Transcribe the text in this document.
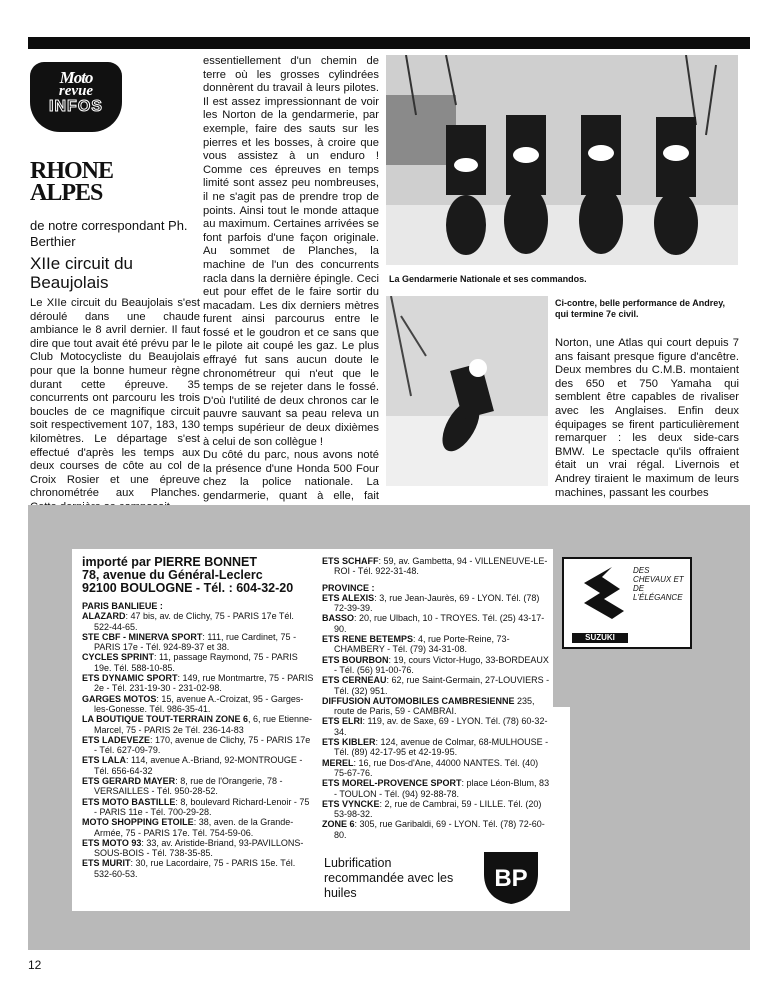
Moto
revue
INFOS
RHONE
ALPES
de notre correspondant Ph. Berthier
XIIe circuit du Beaujolais

Le XIIe circuit du Beaujolais s'est déroulé dans une chaude ambiance le 8 avril dernier. Il faut dire que tout avait été prévu par le Club Motocycliste du Beaujolais pour que la bonne humeur règne durant cette épreuve. 35 concurrents ont parcouru les trois boucles de ce magnifique circuit soit respectivement 107, 183, 130 kilomètres. Le départage s'est effectué d'après les temps aux deux courses de côte au col de Croix Rosier et une épreuve chronométrée aux Planches.

essentiellement d'un chemin de terre où les grosses cylindrées donnèrent du travail à leurs pilotes. Il est assez impressionnant de voir les Norton de la gendarmerie, par exemple, faire des sauts sur les pierres et les bosses, à croire que vous assistez à un enduro ! Comme ces épreuves en temps limité sont assez peu nombreuses, il ne s'agit pas de prendre trop de points. Ainsi tout le monde attaque au maximum. Certaines arrivées se font parfois d'une façon originale. Au sommet de Planches, la machine de l'un des concurrents racla dans la dernière épingle. Ceci eut pour effet de le faire sortir du macadam. Les dix derniers mètres furent ainsi parcourus entre le fossé et le goudron et ce sans que le pilote ait coupé les gaz. Le plus effrayé fut sans aucun doute le chronométreur qui n'eut que le temps de se rejeter dans le fossé. D'où l'utilité de deux chronos car le pauvre sauvant sa peau releva un temps supérieur de deux dixièmes à celui de son collègue !

Du côté du parc, nous avons noté la présence d'une Honda 500 Four chez la police nationale. La gendarmerie, quant à elle, fait

La Gendarmerie Nationale et ses commandos.
Ci-contre, belle performance de Andrey, qui termine 7e civil.

Norton, une Atlas qui court depuis 7 ans faisant presque figure d'ancêtre. Deux membres du C.M.B. montaient des 650 et 750 Yamaha qui semblent être capables de rivaliser avec les Anglaises. Enfin deux équipages se firent particulièrement remarquer : les deux side-cars BMW. Le spectacle qu'ils offraient était un vrai régal. Livernois et Andrey tiraient le maximum de leurs machines, passant les courbes

DES CHEVAUX ET DE L'ÉLÉGANCE
SUZUKI

importé par PIERRE BONNET

78, avenue du Général-Leclerc

92100 BOULOGNE - Tél. : 604-32-20

PARIS BANLIEUE :

ALAZARD: 47 bis, av. de Clichy, 75 - PARIS 17e Tél. 522-44-65.

STE CBF - MINERVA SPORT: 111, rue Cardinet, 75 - PARIS 17e - Tél. 924-89-37 et 38.

CYCLES SPRINT: 11, passage Raymond, 75 - PARIS 19e. Tél. 588-10-85.

ETS DYNAMIC SPORT: 149, rue Montmartre, 75 - PARIS 2e - Tél. 231-19-30 - 231-02-98.

GARGES MOTOS: 15, avenue A.-Croizat, 95 - Garges-les-Gonesse. Tél. 986-35-41.

LA BOUTIQUE TOUT-TERRAIN ZONE 6, 6, rue Etienne-Marcel, 75 - PARIS 2e Tél. 236-14-83

ETS LADEVEZE: 170, avenue de Clichy, 75 - PARIS 17e - Tél. 627-09-79.

ETS LALA: 114, avenue A.-Briand, 92-MONTROUGE - Tél. 656-64-32

ETS GERARD MAYER: 8, rue de l'Orangerie, 78 - VERSAILLES - Tél. 950-28-52.

ETS MOTO BASTILLE: 8, boulevard Richard-Lenoir - 75 - PARIS 11e - Tél. 700-29-28.

MOTO SHOPPING ETOILE: 38, aven. de la Grande-Armée, 75 - PARIS 17e. Tél. 754-59-06.

ETS MOTO 93: 33, av. Aristide-Briand, 93-PAVILLONS-SOUS-BOIS - Tél. 738-35-85.

ETS MURIT: 30, rue Lacordaire, 75 - PARIS 15e. Tél. 532-60-53.

ETS SCHAFF: 59, av. Gambetta, 94 - VILLENEUVE-LE-ROI - Tél. 922-31-48.

PROVINCE :

ETS ALEXIS: 3, rue Jean-Jaurès, 69 - LYON. Tél. (78) 72-39-39.

BASSO: 20, rue Ulbach, 10 - TROYES. Tél. (25) 43-17-90.

ETS RENE BETEMPS: 4, rue Porte-Reine, 73-CHAMBERY - Tél. (79) 34-31-08.

ETS BOURBON: 19, cours Victor-Hugo, 33-BORDEAUX - Tél. (56) 91-00-76.

ETS CERNEAU: 62, rue Saint-Germain, 27-LOUVIERS - Tél. (32) 951.

DIFFUSION AUTOMOBILES CAMBRESIENNE 235, route de Paris, 59 - CAMBRAI.

ETS ELRI: 119, av. de Saxe, 69 - LYON. Tél. (78) 60-32-34.

ETS KIBLER: 124, avenue de Colmar, 68-MULHOUSE - Tél. (89) 42-17-95 et 42-19-95.

MEREL: 16, rue Dos-d'Ane, 44000 NANTES. Tél. (40) 75-67-76.

ETS MOREL-PROVENCE SPORT: place Léon-Blum, 83 - TOULON - Tél. (94) 92-88-78.

ETS VYNCKE: 2, rue de Cambrai, 59 - LILLE. Tél. (20) 53-98-32.

ZONE 6: 305, rue Garibaldi, 69 - LYON. Tél. (78) 72-60-80.

Lubrification recommandée avec les huiles
BP
12
